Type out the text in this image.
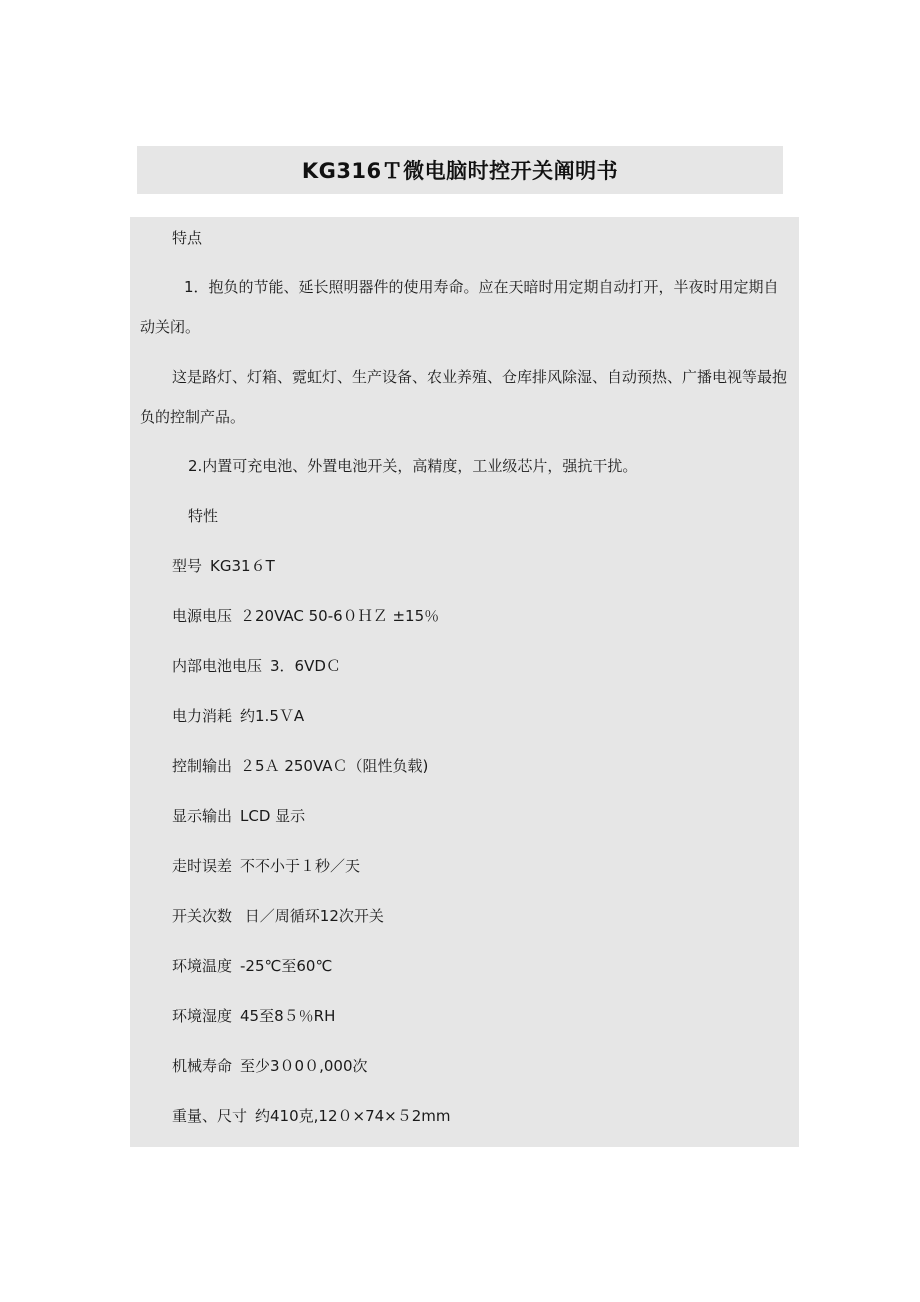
KG316Ｔ微电脑时控开关阐明书
特点
1．抱负的节能、延长照明器件的使用寿命。应在天暗时用定期自动打开，半夜时用定期自动关闭。
这是路灯、灯箱、霓虹灯、生产设备、农业养殖、仓库排风除湿、自动预热、广播电视等最抱负的控制产品。
2.内置可充电池、外置电池开关，高精度，工业级芯片，强抗干扰。
特性
型号 KG31６T
电源电压 ２20VAC 50-6０ＨＺ ±15％
内部电池电压 3．6VDＣ
电力消耗 约1.5ＶA
控制输出 ２5Ａ 250VAＣ（阻性负载)
显示输出 LCD 显示
走时误差 不不小于１秒／天
开关次数 日／周循环12次开关
环境温度 -25℃至60℃
环境湿度 45至8５％RH
机械寿命 至少3０0０,000次
重量、尺寸 约410克,12０×74×５2mm
